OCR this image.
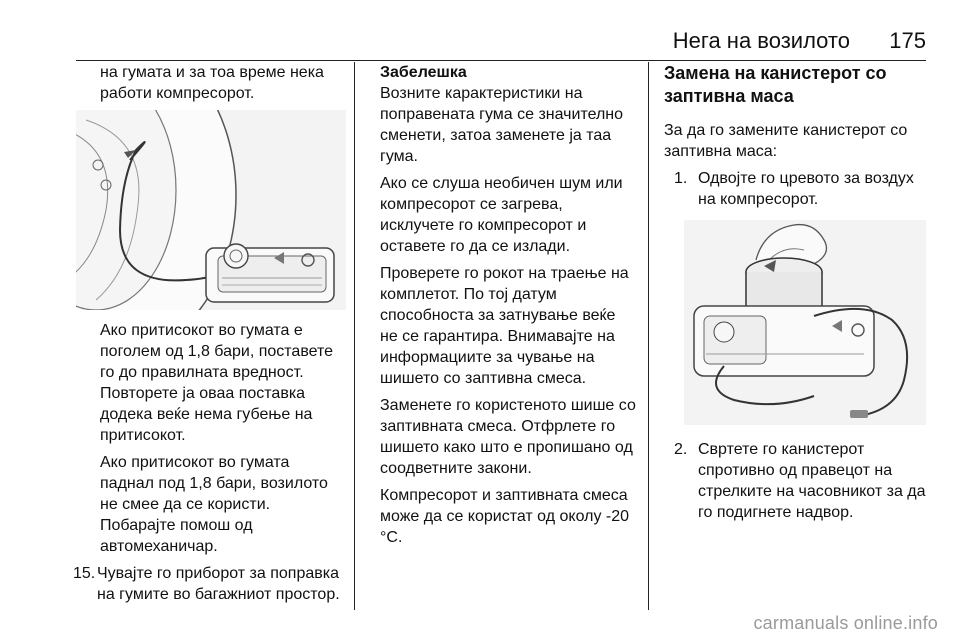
Нега на возилото 175

на гумата и за тоа време нека работи компресорот.

Ако притисокот во гумата е поголем од 1,8 бари, поставете го до правилната вредност. Повторете ја оваа поставка додека веќе нема губење на притисокот.

Ако притисокот во гумата паднал под 1,8 бари, возилото не смее да се користи. Побарајте помош од автомеханичар.

15. Чувајте го приборот за поправка на гумите во багажниот простор.

Забелешка
Возните карактеристики на поправената гума се значително сменети, затоа заменете ја таа гума.

Ако се слуша необичен шум или компресорот се загрева, исклучете го компресорот и оставете го да се излади.

Проверете го рокот на траење на комплетот. По тој датум способноста за затнување веќе не се гарантира. Внимавајте на информациите за чување на шишето со заптивна смеса.

Заменете го користеното шише со заптивната смеса. Отфрлете го шишето како што е пропишано од соодветните закони.

Компресорот и заптивната смеса може да се користат од околу -20 °C.

Замена на канистерот со заптивна маса

За да го замените канистерот со заптивна маса:

1. Одвојте го цревото за воздух на компресорот.
2. Свртете го канистерот спротивно од правецот на стрелките на часовникот за да го подигнете надвор.
carmanuals online.info
